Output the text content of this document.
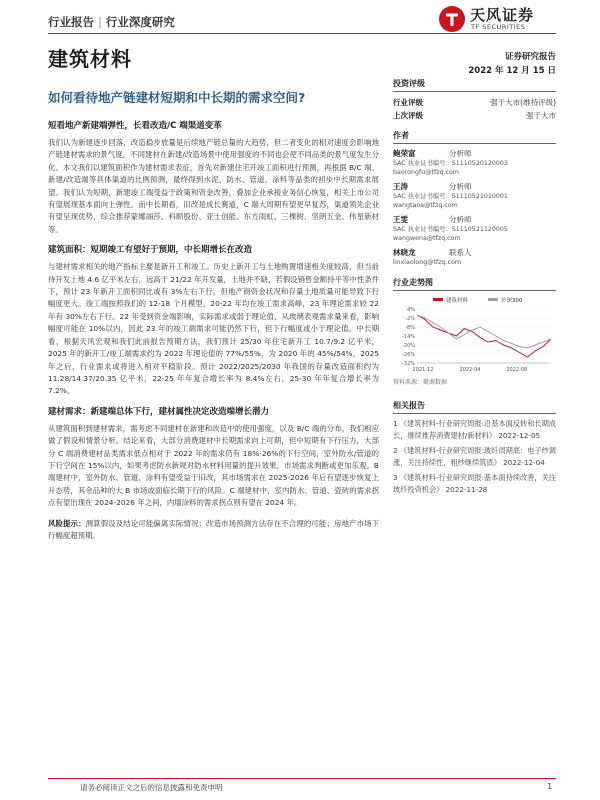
行业报告 | 行业深度研究	天风证券
TF SECURITIES
建筑材料	证券研究报告
2022 年 12 月 15 日
如何看待地产链建材短期和中长期的需求空间?
短看地产新建端弹性，长看改造/C 端渠道变革
我们认为新建逐步回落，改造稳步放量是后续地产链总量的大趋势，但二者变化的相对速度会影响地产链建材需求的景气度，不同建材在新建/改造场景中使用强度的不同也会使不同品类的景气度发生分化。本文我们以建筑面积作为建材需求表征，首先对新建住宅开竣工面积进行预测，再根据 B/C 端、新建/改造端等具体渠道的比例预测，最终得到水泥、防水、管道、涂料等品类的初步中长期需求展望。我们认为短期，新建竣工端受益于政策和资金改善，叠加企业承接业务信心恢复，相关上市公司有望展现基本面向上弹性。而中长期看，旧改是成长赛道，C 端大周期有望更早复苏，渠道领先企业有望呈现优势，综合推荐蒙娜丽莎、科顺股份、亚士创能、东方雨虹、三棵树、坚朗五金、伟星新材等。
建筑面积：短期竣工有望好于预期，中长期增长在改造
与建材需求相关的地产指标主要是新开工和竣工。历史上新开工与土地购置增速相关度较高，但当前待开发土地 4.6 亿平米左右，远高于 21/22 年开发量，土地并不缺，若假设销售金额持平等中性条件下，预计 23 年新开工面积同比或有 3%左右下行，但地产商资金状况和存量土地质量可能导致下行幅度更大。竣工端按照我们的 12-18 个月模型，20-22 年均在竣工需求高峰，23 年理论需求较 22 年有 30%左右下行。22 年受到资金端影响，实际需求或弱于理论值，从玻璃表观需求量来看，影响幅度可能在 10%以内，因此 23 年的竣工端需求可能仍然下行，但下行幅度或小于理论值。中长期看，根据天风宏观和我们此前报告预期方法，我们预计 25/30 年住宅新开工 10.7/9.2 亿平米，2025 年的新开工/竣工端需求约为 2022 年理论值的 77%/55%，为 2020 年的 45%/54%，2025 年之后，行业需求或将进入相对平稳阶段。预计 2022/2025/2030 年我国的存量改造面积约为 11.28/14.37/20.35 亿平米，22-25 年年复合增长率为 8.4%左右，25-30 年年复合增长率为 7.2%。
建材需求：新建端总体下行，建材属性决定改造端增长潜力
从建筑面积到建材需求，需考虑不同建材在新建和改造中的使用强度，以及 B/C 端的分布，我们相应做了假设和情景分析。结论来看，大部分消费建材中长期需求向上可期，但中短期有下行压力，大部分 C 端消费建材品类需求低点相对于 2022 年的需求仍有 18%-26%的下行空间，室外防水/管道的下行空间在 15%以内，如果考虑防水新规对防水材料用量的提升效果，市场需求判断或更加乐观。B 端建材中，室外防水、管道、涂料有望受益于旧改，其市场需求在 2025-2026 年后有望逐步恢复上升态势，其余品种的大 B 市场或面临长期下行的风险。C 端建材中，室内防水、管道、瓷砖的需求拐点有望出现在 2024-2026 年之间，内墙涂料的需求拐点则有望在 2024 年。
风险提示：测算假设及结论可能偏离实际情况；改造市场预测方法存在不合理的可能；房地产市场下行幅度超预期。
投资评级
行业评级	强于大市(维持评级)
上次评级	强于大市
作者
鲍荣富	分析师
SAC 执业证书编号：S1110520120003
baorongfu@tfzq.com
王涛	分析师
SAC 执业证书编号：S1110521010001
wangtaoa@tfzq.com
王雯	分析师
SAC 执业证书编号：S1110521120005
wangwena@tfzq.com
林晓龙	联系人
linxiaolong@tfzq.com
行业走势图
4%
-2%
-8%
-14%
-20%
-26%
-32%
2021-12	2022-04	2022-08
建筑材料	沪深300
资料来源：聚源数据
相关报告
1 《建筑材料-行业研究周报:沿基本面反转和长期成长，继续推荐消费建材/新材料》 2022-12-05
2 《建筑材料-行业研究周报:玻纤周期底：电子纱调涨，关注持续性，粗纱继续筑底》 2022-12-04
3 《建筑材料-行业研究周报:基本面持续改善，关注玻纤投资机会》 2022-11-28
请务必阅读正文之后的信息披露和免责申明	1
